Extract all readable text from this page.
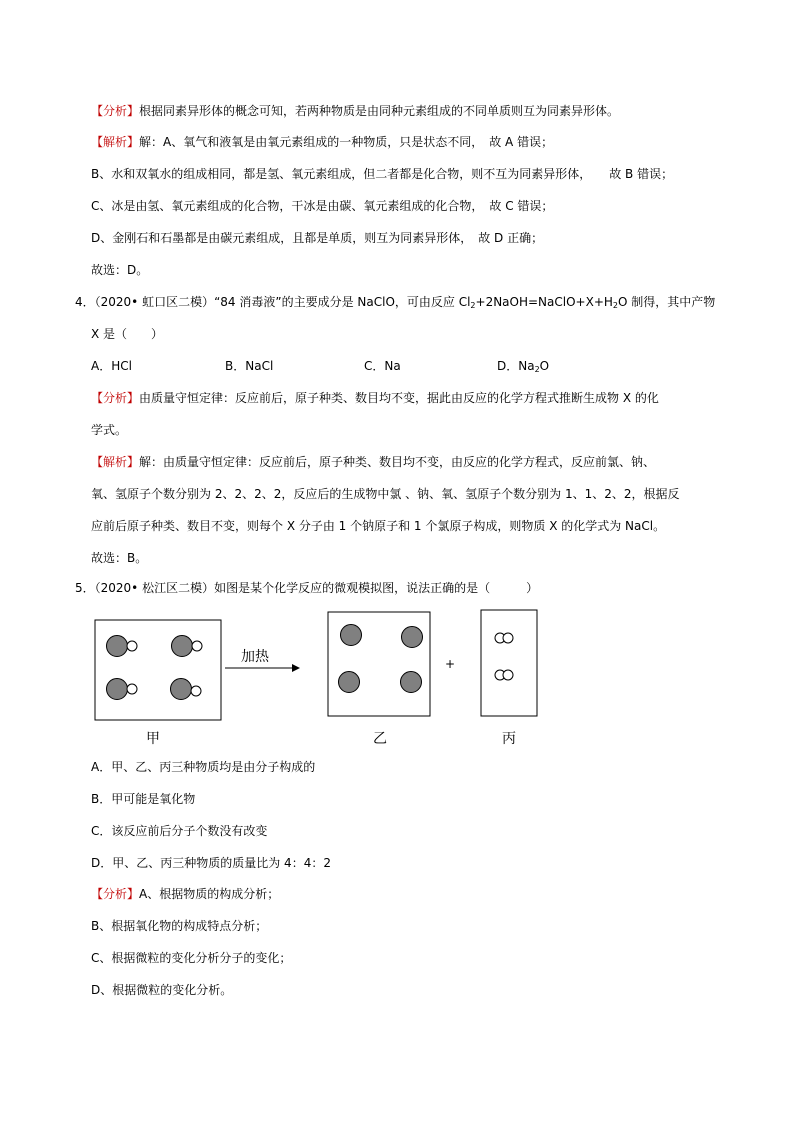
【分析】根据同素异形体的概念可知，若两种物质是由同种元素组成的不同单质则互为同素异形体。
【解析】解：A、氧气和液氧是由氧元素组成的一种物质，只是状态不同，　故 A 错误；
B、水和双氧水的组成相同，都是氢、氧元素组成，但二者都是化合物，则不互为同素异形体，　　故 B 错误；
C、冰是由氢、氧元素组成的化合物，干冰是由碳、氧元素组成的化合物，　故 C 错误；
D、金刚石和石墨都是由碳元素组成，且都是单质，则互为同素异形体，　故 D 正确；
故选：D。
4．（2020• 虹口区二模）“84 消毒液”的主要成分是 NaClO，可由反应 $Cl_2+2NaOH=NaClO+X+H_2O$ 制得，其中产物
X 是（　　）
A．HCl	B．NaCl	C．Na	D．$Na_2O$
【分析】由质量守恒定律：反应前后，原子种类、数目均不变，据此由反应的化学方程式推断生成物 X 的化
学式。
【解析】解：由质量守恒定律：反应前后，原子种类、数目均不变，由反应的化学方程式，反应前氯、钠、
氧、氢原子个数分别为 2、2、2、2，反应后的生成物中氯 、钠、氧、氢原子个数分别为 1、1、2、2，根据反
应前后原子种类、数目不变，则每个 X 分子由 1 个钠原子和 1 个氯原子构成，则物质 X 的化学式为 NaCl。
故选：B。
5．（2020• 松江区二模）如图是某个化学反应的微观模拟图，说法正确的是（　　　）
加热	+
甲	乙	丙
A．甲、乙、丙三种物质均是由分子构成的
B．甲可能是氧化物
C．该反应前后分子个数没有改变
D．甲、乙、丙三种物质的质量比为 4：4：2
【分析】A、根据物质的构成分析；
B、根据氧化物的构成特点分析；
C、根据微粒的变化分析分子的变化；
D、根据微粒的变化分析。
